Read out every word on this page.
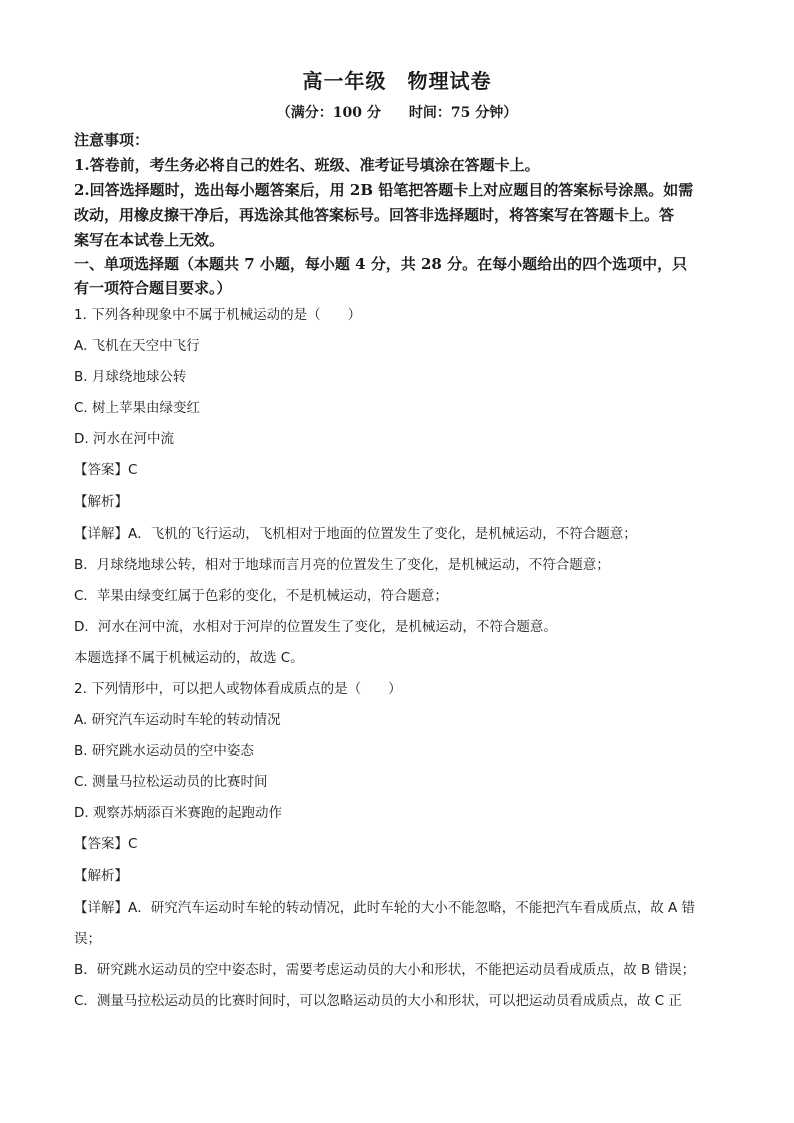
高一年级　物理试卷
（满分：100 分　　时间：75 分钟）
注意事项：
1.答卷前，考生务必将自己的姓名、班级、准考证号填涂在答题卡上。
2.回答选择题时，选出每小题答案后，用 2B 铅笔把答题卡上对应题目的答案标号涂黑。如需
改动，用橡皮擦干净后，再选涂其他答案标号。回答非选择题时，将答案写在答题卡上。答
案写在本试卷上无效。
一、单项选择题（本题共 7 小题，每小题 4 分，共 28 分。在每小题给出的四个选项中，只
有一项符合题目要求。）
1. 下列各种现象中不属于机械运动的是（　　）
A. 飞机在天空中飞行
B. 月球绕地球公转
C. 树上苹果由绿变红
D. 河水在河中流
【答案】C
【解析】
【详解】A．飞机的飞行运动，飞机相对于地面的位置发生了变化，是机械运动，不符合题意；
B．月球绕地球公转，相对于地球而言月亮的位置发生了变化，是机械运动，不符合题意；
C．苹果由绿变红属于色彩的变化，不是机械运动，符合题意；
D．河水在河中流，水相对于河岸的位置发生了变化，是机械运动，不符合题意。
本题选择不属于机械运动的，故选 C。
2. 下列情形中，可以把人或物体看成质点的是（　　）
A. 研究汽车运动时车轮的转动情况
B. 研究跳水运动员的空中姿态
C. 测量马拉松运动员的比赛时间
D. 观察苏炳添百米赛跑的起跑动作
【答案】C
【解析】
【详解】A．研究汽车运动时车轮的转动情况，此时车轮的大小不能忽略，不能把汽车看成质点，故 A 错
误；
B．研究跳水运动员的空中姿态时，需要考虑运动员的大小和形状，不能把运动员看成质点，故 B 错误；
C．测量马拉松运动员的比赛时间时，可以忽略运动员的大小和形状，可以把运动员看成质点，故 C 正
